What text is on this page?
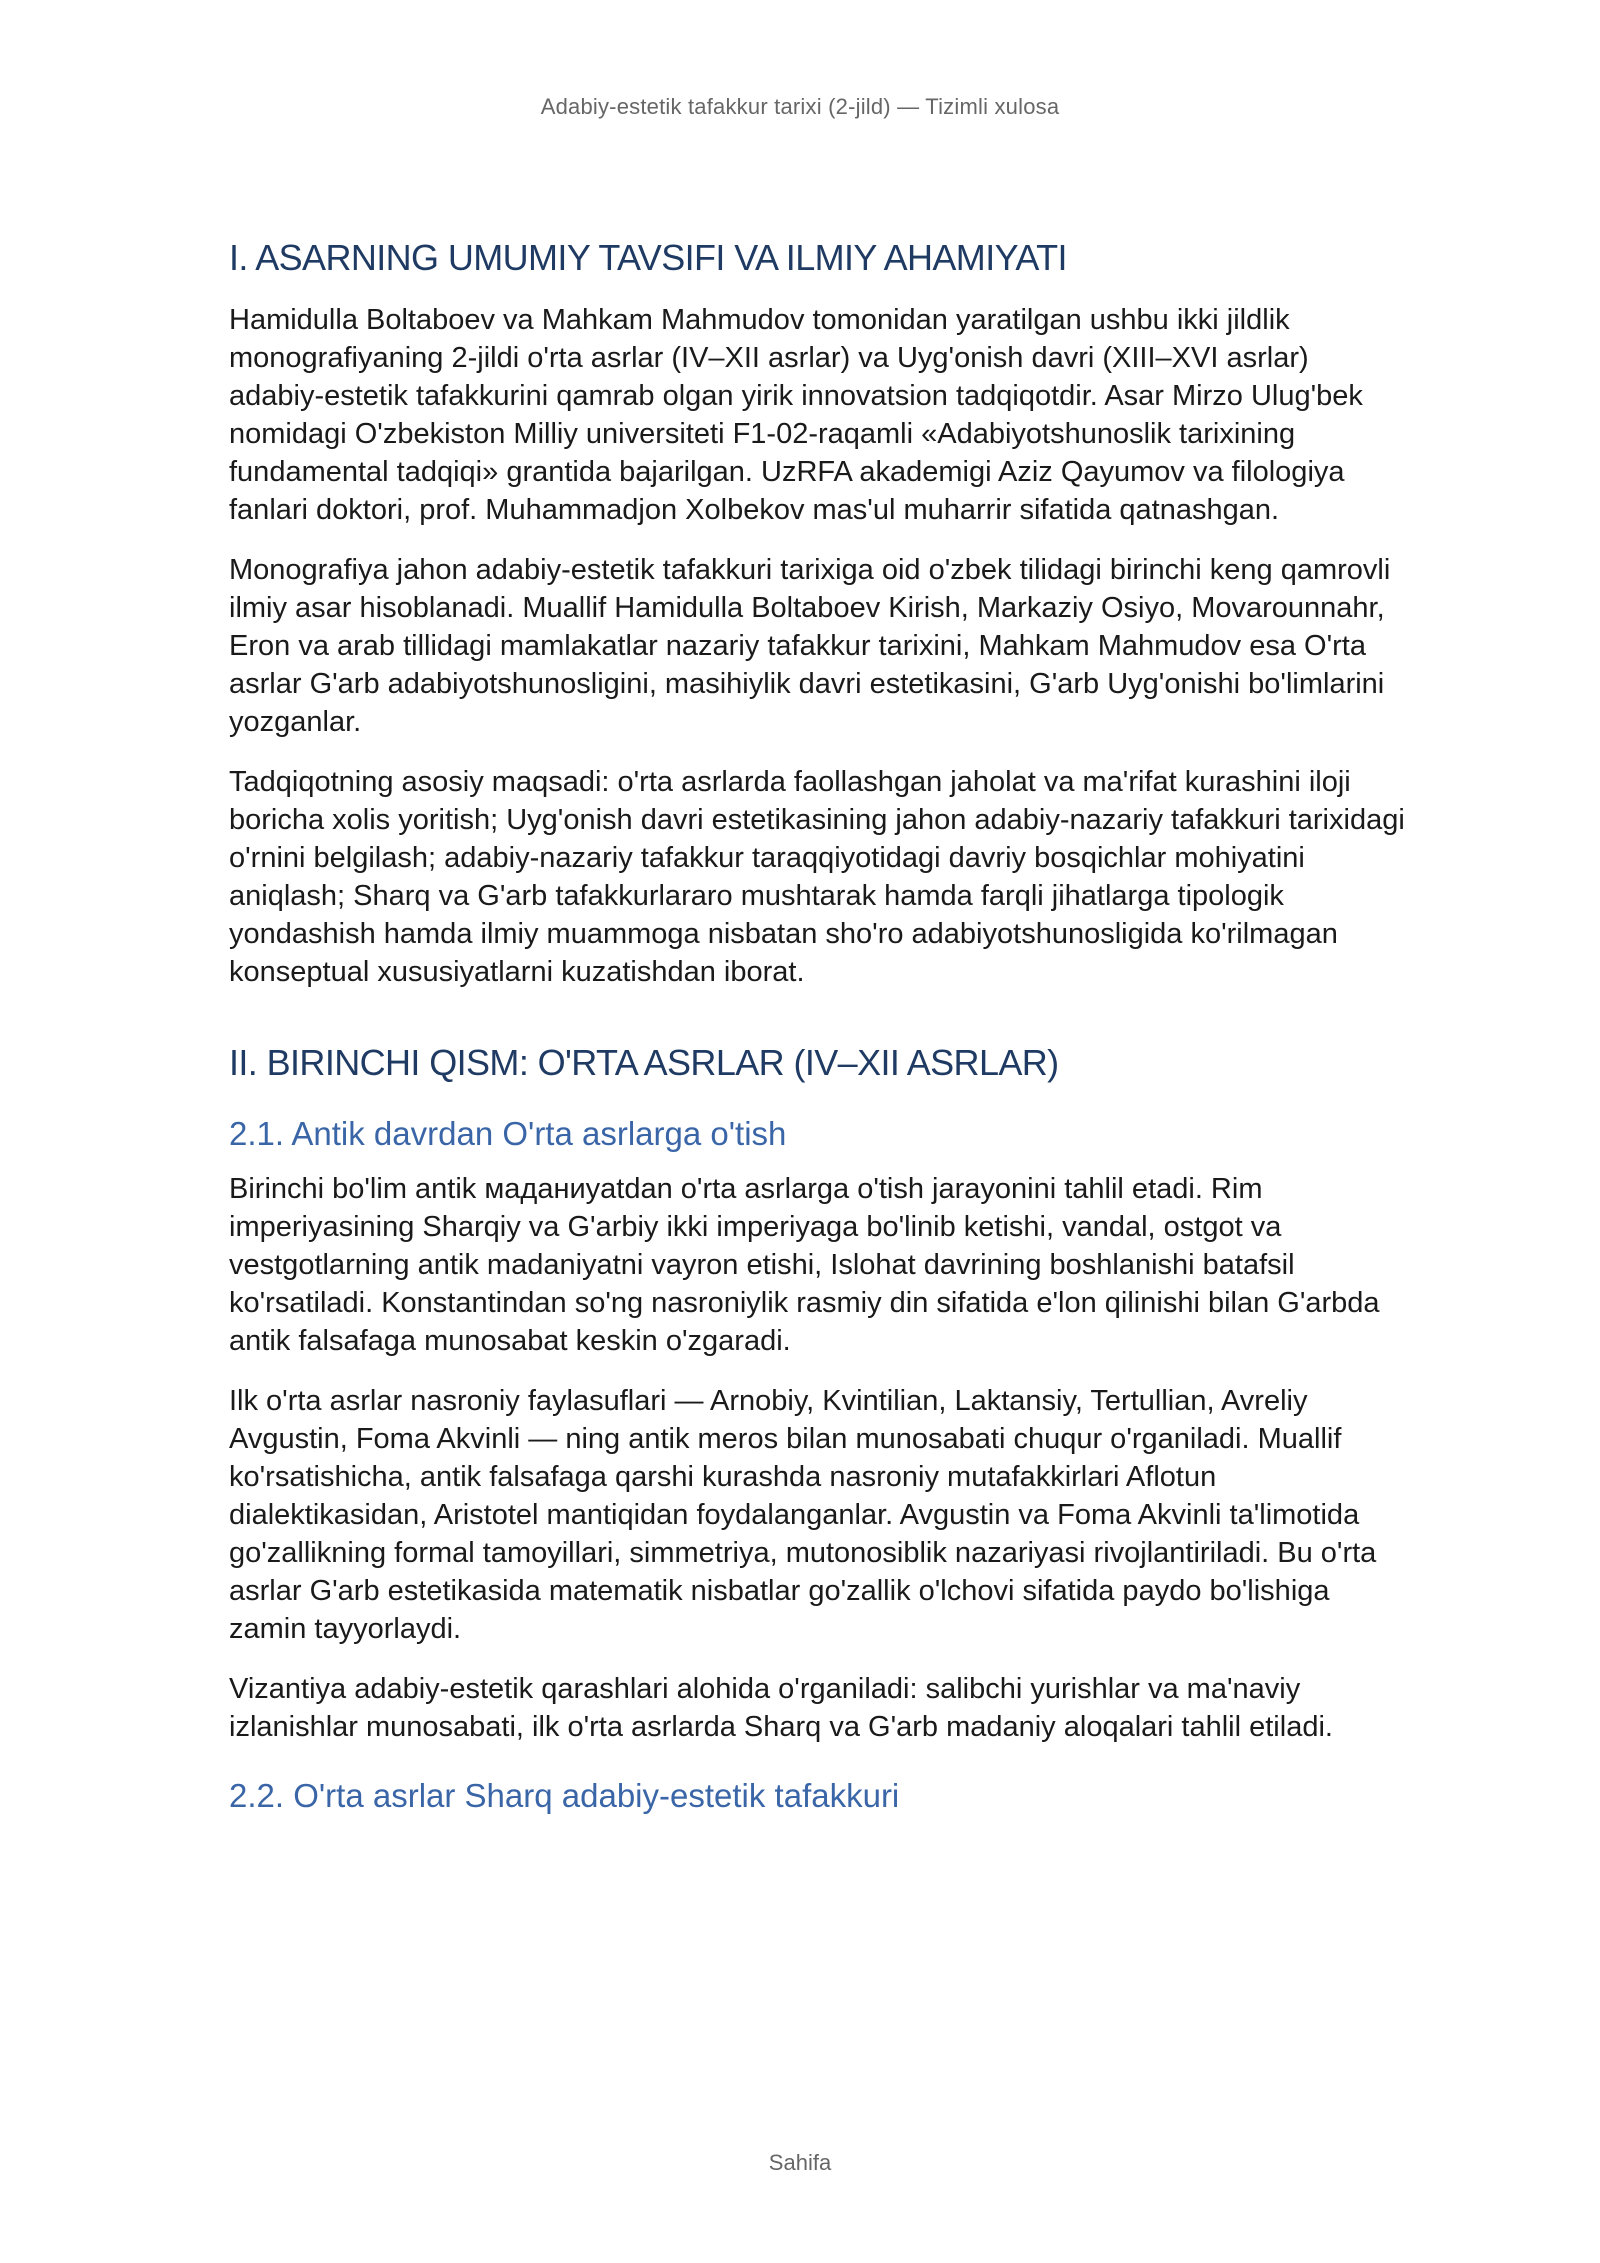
Adabiy-estetik tafakkur tarixi (2-jild) — Tizimli xulosa
I. ASARNING UMUMIY TAVSIFI VA ILMIY AHAMIYATI

Hamidulla Boltaboev va Mahkam Mahmudov tomonidan yaratilgan ushbu ikki jildlik monografiyaning 2-jildi o'rta asrlar (IV–XII asrlar) va Uyg'onish davri (XIII–XVI asrlar) adabiy-estetik tafakkurini qamrab olgan yirik innovatsion tadqiqotdir. Asar Mirzo Ulug'bek nomidagi O'zbekiston Milliy universiteti F1-02-raqamli «Adabiyotshunoslik tarixining fundamental tadqiqi» grantida bajarilgan. UzRFA akademigi Aziz Qayumov va filologiya fanlari doktori, prof. Muhammadjon Xolbekov mas'ul muharrir sifatida qatnashgan.

Monografiya jahon adabiy-estetik tafakkuri tarixiga oid o'zbek tilidagi birinchi keng qamrovli ilmiy asar hisoblanadi. Muallif Hamidulla Boltaboev Kirish, Markaziy Osiyo, Movarounnahr, Eron va arab tillidagi mamlakatlar nazariy tafakkur tarixini, Mahkam Mahmudov esa O'rta asrlar G'arb adabiyotshunosligini, masihiylik davri estetikasini, G'arb Uyg'onishi bo'limlarini yozganlar.

Tadqiqotning asosiy maqsadi: o'rta asrlarda faollashgan jaholat va ma'rifat kurashini iloji boricha xolis yoritish; Uyg'onish davri estetikasining jahon adabiy-nazariy tafakkuri tarixidagi o'rnini belgilash; adabiy-nazariy tafakkur taraqqiyotidagi davriy bosqichlar mohiyatini aniqlash; Sharq va G'arb tafakkurlararo mushtarak hamda farqli jihatlarga tipologik yondashish hamda ilmiy muammoga nisbatan sho'ro adabiyotshunosligida ko'rilmagan konseptual xususiyatlarni kuzatishdan iborat.

II. BIRINCHI QISM: O'RTA ASRLAR (IV–XII ASRLAR)
2.1. Antik davrdan O'rta asrlarga o'tish

Birinchi bo'lim antik мадaниyatdan o'rta asrlarga o'tish jarayonini tahlil etadi. Rim imperiyasining Sharqiy va G'arbiy ikki imperiyaga bo'linib ketishi, vandal, ostgot va vestgotlarning antik madaniyatni vayron etishi, Islohat davrining boshlanishi batafsil ko'rsatiladi. Konstantindan so'ng nasroniylik rasmiy din sifatida e'lon qilinishi bilan G'arbda antik falsafaga munosabat keskin o'zgaradi.

Ilk o'rta asrlar nasroniy faylasuflari — Arnobiy, Kvintilian, Laktansiy, Tertullian, Avreliy Avgustin, Foma Akvinli — ning antik meros bilan munosabati chuqur o'rganiladi. Muallif ko'rsatishicha, antik falsafaga qarshi kurashda nasroniy mutafakkirlari Aflotun dialektikasidan, Aristotel mantiqidan foydalanganlar. Avgustin va Foma Akvinli ta'limotida go'zallikning formal tamoyillari, simmetriya, mutonosiblik nazariyasi rivojlantiriladi. Bu o'rta asrlar G'arb estetikasida matematik nisbatlar go'zallik o'lchovi sifatida paydo bo'lishiga zamin tayyorlaydi.

Vizantiya adabiy-estetik qarashlari alohida o'rganiladi: salibchi yurishlar va ma'naviy izlanishlar munosabati, ilk o'rta asrlarda Sharq va G'arb madaniy aloqalari tahlil etiladi.

2.2. O'rta asrlar Sharq adabiy-estetik tafakkuri
Sahifa
